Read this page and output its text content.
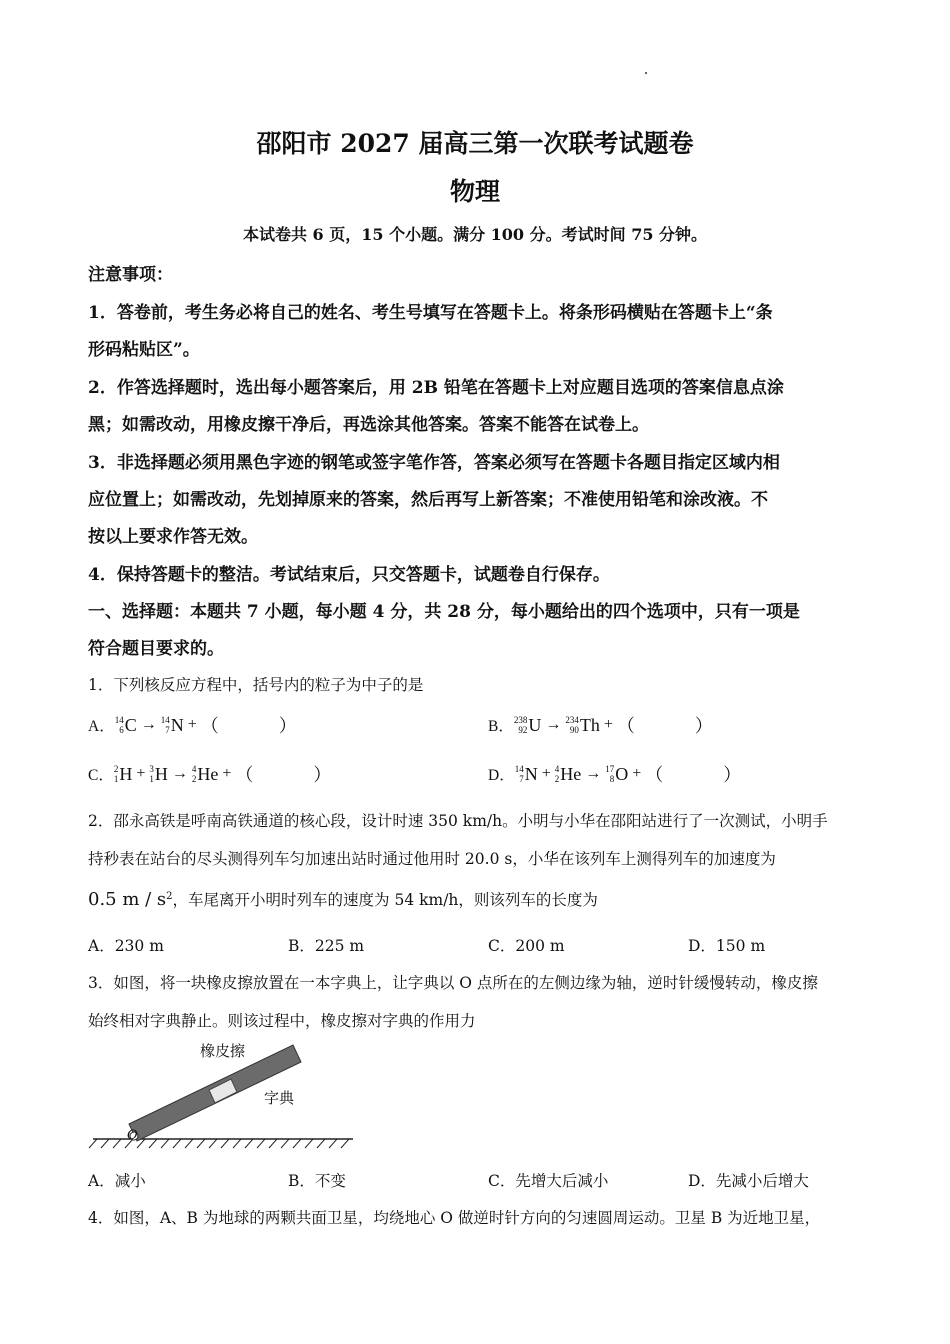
邵阳市 2027 届高三第一次联考试题卷
物理
本试卷共 6 页，15 个小题。满分 100 分。考试时间 75 分钟。
注意事项：
1．答卷前，考生务必将自己的姓名、考生号填写在答题卡上。将条形码横贴在答题卡上“条
形码粘贴区”。
2．作答选择题时，选出每小题答案后，用 2B 铅笔在答题卡上对应题目选项的答案信息点涂
黑；如需改动，用橡皮擦干净后，再选涂其他答案。答案不能答在试卷上。
3．非选择题必须用黑色字迹的钢笔或签字笔作答，答案必须写在答题卡各题目指定区域内相
应位置上；如需改动，先划掉原来的答案，然后再写上新答案；不准使用铅笔和涂改液。不
按以上要求作答无效。
4．保持答题卡的整洁。考试结束后，只交答题卡，试题卷自行保存。
一、选择题：本题共 7 小题，每小题 4 分，共 28 分，每小题给出的四个选项中，只有一项是
符合题目要求的。
1．下列核反应方程中，括号内的粒子为中子的是
A． 14
6 C → 14
7 N + （	）	B． 238
92 U → 234
90 Th + （	）
C． 2
1 H + 3
1 H → 4
2 He + （	）	D． 14
7 N + 4
2 He → 17
8 O + （	）
2．邵永高铁是呼南高铁通道的核心段，设计时速 350 km/h。小明与小华在邵阳站进行了一次测试，小明手
持秒表在站台的尽头测得列车匀加速出站时通过他用时 20.0 s，小华在该列车上测得列车的加速度为
0.5 m / $s^2$，车尾离开小明时列车的速度为 54 km/h，则该列车的长度为
A．230 m	B．225 m	C．200 m	D．150 m
3．如图，将一块橡皮擦放置在一本字典上，让字典以 O 点所在的左侧边缘为轴，逆时针缓慢转动，橡皮擦
始终相对字典静止。则该过程中，橡皮擦对字典的作用力
橡皮擦
字典
O
A．减小	B．不变	C．先增大后减小	D．先减小后增大
4．如图，A、B 为地球的两颗共面卫星，均绕地心 O 做逆时针方向的匀速圆周运动。卫星 B 为近地卫星，
